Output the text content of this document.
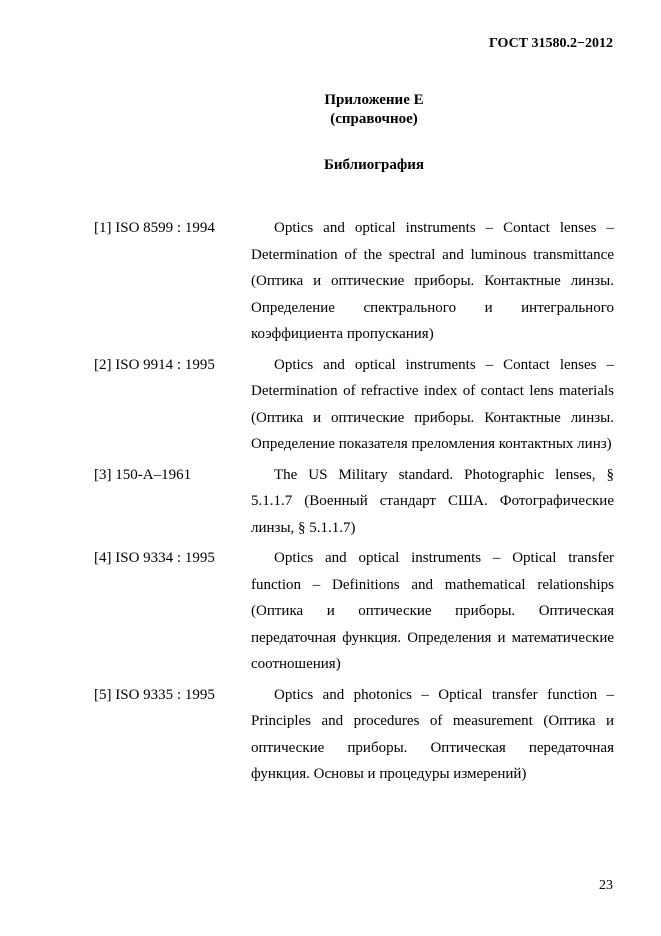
ГОСТ 31580.2−2012
Приложение Е
(справочное)
Библиография
[1] ISO 8599 : 1994	Optics and optical instruments – Contact lenses – Determination of the spectral and luminous transmittance (Оптика и оптические приборы. Контактные линзы. Определение спектрального и интегрального коэффициента пропускания)
[2] ISO 9914 : 1995	Optics and optical instruments – Contact lenses – Determination of refractive index of contact lens materials (Оптика и оптические приборы. Контактные линзы. Определение показателя преломления контактных линз)
[3] 150-А–1961	The US Military standard. Photographic lenses, § 5.1.1.7 (Военный стандарт США. Фотографические линзы, § 5.1.1.7)
[4] ISO 9334 : 1995	Optics and optical instruments – Optical transfer function – Definitions and mathematical relationships (Оптика и оптические приборы. Оптическая передаточная функция. Определения и математические соотношения)
[5] ISO 9335 : 1995	Optics and photonics – Optical transfer function – Principles and procedures of measurement (Оптика и оптические приборы. Оптическая передаточная функция. Основы и процедуры измерений)
23
